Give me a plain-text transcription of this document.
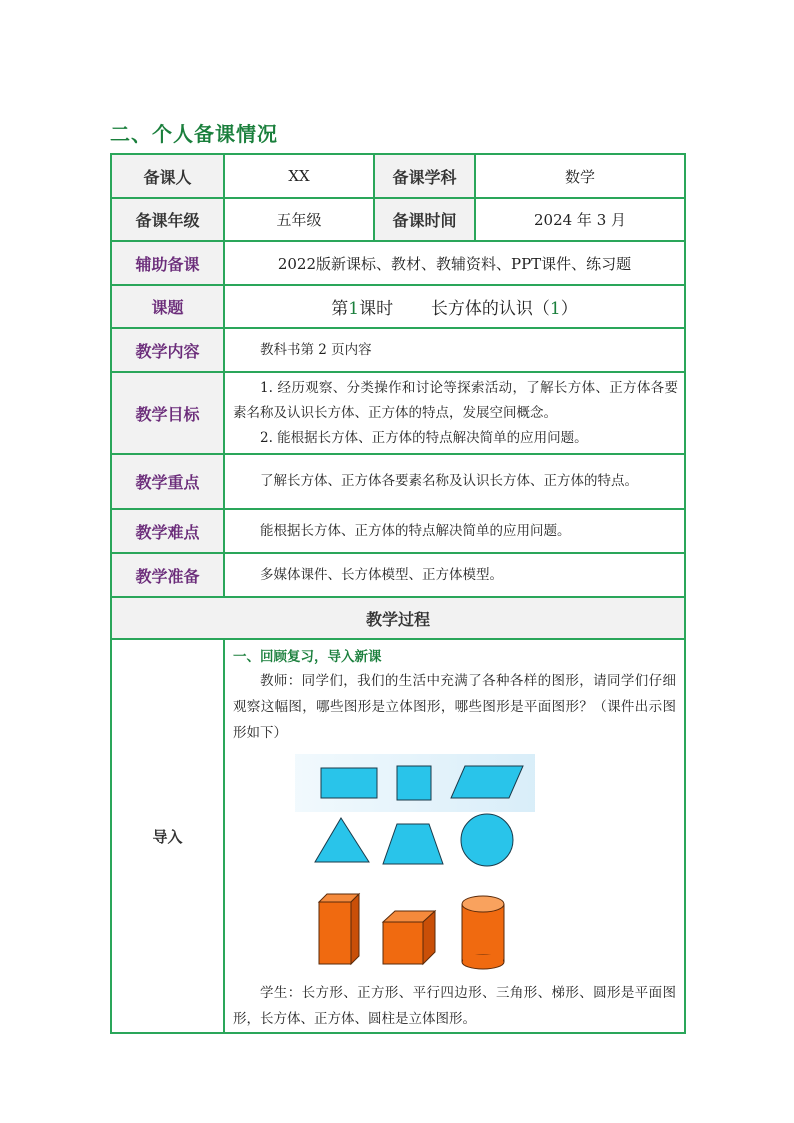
二、个人备课情况
备课人	XX	备课学科	数学
备课年级	五年级	备课时间	2024 年 3 月
辅助备课	2022版新课标、教材、教辅资料、PPT课件、练习题		
课题	第1课时 长方体的认识（1）		
教学内容	教科书第 2 页内容		
教学目标	1. 经历观察、分类操作和讨论等探索活动，了解长方体、正方体各要素名称及认识长方体、正方体的特点，发展空间概念。
2. 能根据长方体、正方体的特点解决简单的应用问题。		

教学重点	了解长方体、正方体各要素名称及认识长方体、正方体的特点。		
教学难点	能根据长方体、正方体的特点解决简单的应用问题。		
教学准备	多媒体课件、长方体模型、正方体模型。		
教学过程			
导入	一、回顾复习，导入新课
教师：同学们，我们的生活中充满了各种各样的图形，请同学们仔细观察这幅图，哪些图形是立体图形，哪些图形是平面图形？（课件出示图形如下）
学生：长方形、正方形、平行四边形、三角形、梯形、圆形是平面图形，长方体、正方体、圆柱是立体图形。		
